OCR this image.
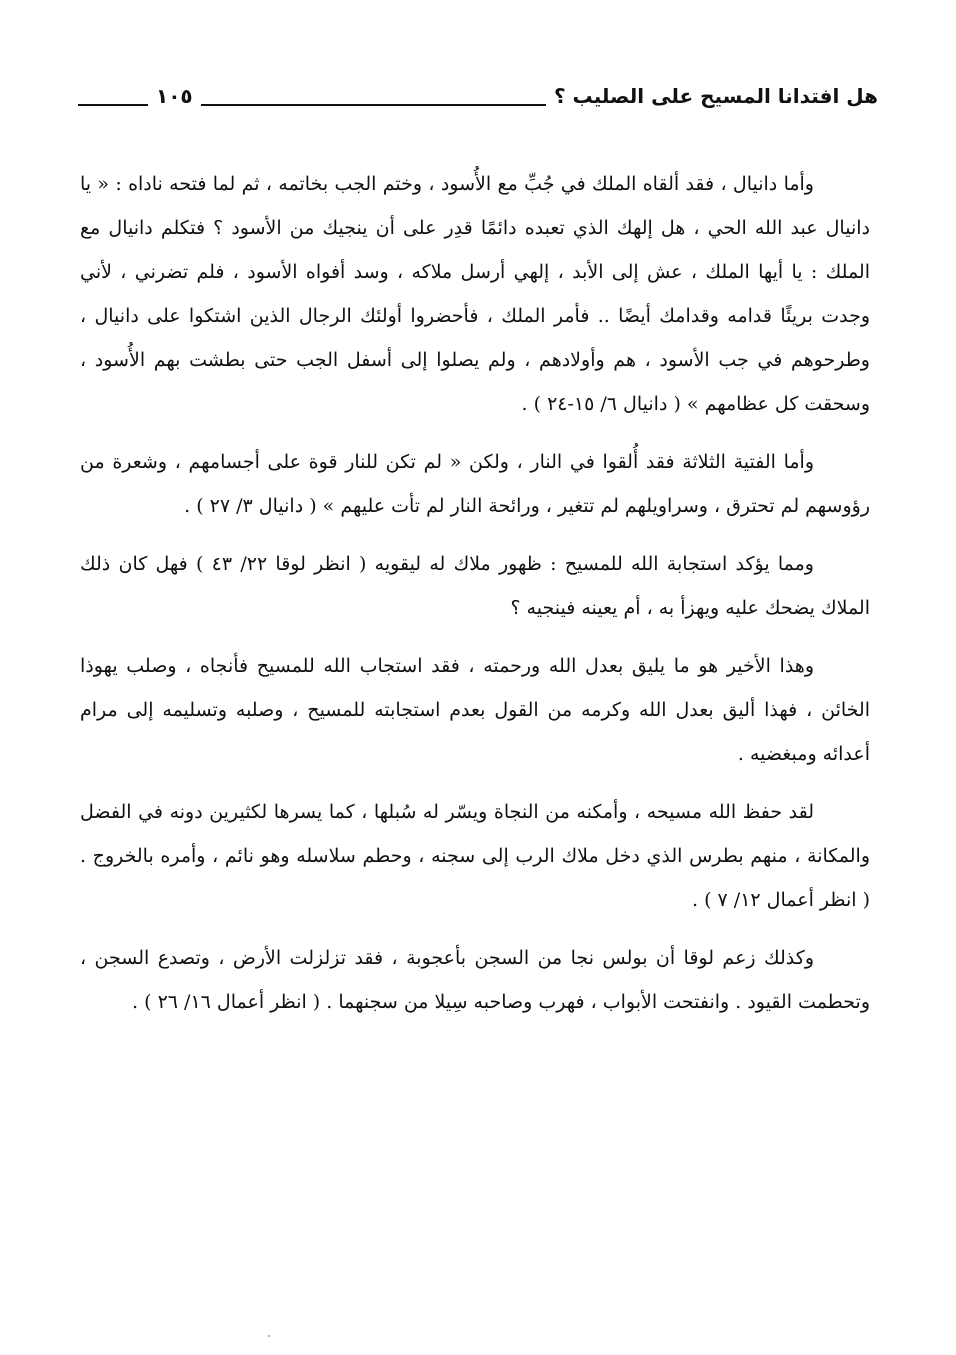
هل افتدانا المسيح على الصليب ؟
١٠٥

وأما دانيال ، فقد ألقاه الملك في جُبِّ مع الأُسود ، وختم الجب بخاتمه ، ثم لما فتحه ناداه : « يا دانيال عبد الله الحي ، هل إلهك الذي تعبده دائمًا قدِر على أن ينجيك من الأسود ؟ فتكلم دانيال مع الملك : يا أيها الملك ، عش إلى الأبد ، إلهي أرسل ملاكه ، وسد أفواه الأسود ، فلم تضرني ، لأني وجدت بريئًا قدامه وقدامك أيضًا .. فأمر الملك ، فأحضروا أولئك الرجال الذين اشتكوا على دانيال ، وطرحوهم في جب الأسود ، هم وأولادهم ، ولم يصلوا إلى أسفل الجب حتى بطشت بهم الأُسود ، وسحقت كل عظامهم » ( دانيال ٦/ ١٥-٢٤ ) .

وأما الفتية الثلاثة فقد أُلقوا في النار ، ولكن « لم تكن للنار قوة على أجسامهم ، وشعرة من رؤوسهم لم تحترق ، وسراويلهم لم تتغير ، ورائحة النار لم تأت عليهم » ( دانيال ٣/ ٢٧ ) .

ومما يؤكد استجابة الله للمسيح : ظهور ملاك له ليقويه ( انظر لوقا ٢٢/ ٤٣ ) فهل كان ذلك الملاك يضحك عليه ويهزأ به ، أم يعينه فينجيه ؟

وهذا الأخير هو ما يليق بعدل الله ورحمته ، فقد استجاب الله للمسيح فأنجاه ، وصلب يهوذا الخائن ، فهذا أليق بعدل الله وكرمه من القول بعدم استجابته للمسيح ، وصلبه وتسليمه إلى مرام أعدائه ومبغضيه .

لقد حفظ الله مسيحه ، وأمكنه من النجاة ويسّر له سُبلها ، كما يسرها لكثيرين دونه في الفضل والمكانة ، منهم بطرس الذي دخل ملاك الرب إلى سجنه ، وحطم سلاسله وهو نائم ، وأمره بالخروج . ( انظر أعمال ١٢/ ٧ ) .

وكذلك زعم لوقا أن بولس نجا من السجن بأعجوبة ، فقد تزلزلت الأرض ، وتصدع السجن ، وتحطمت القيود . وانفتحت الأبواب ، فهرب وصاحبه سِيلا من سجنهما . ( انظر أعمال ١٦/ ٢٦ ) .
